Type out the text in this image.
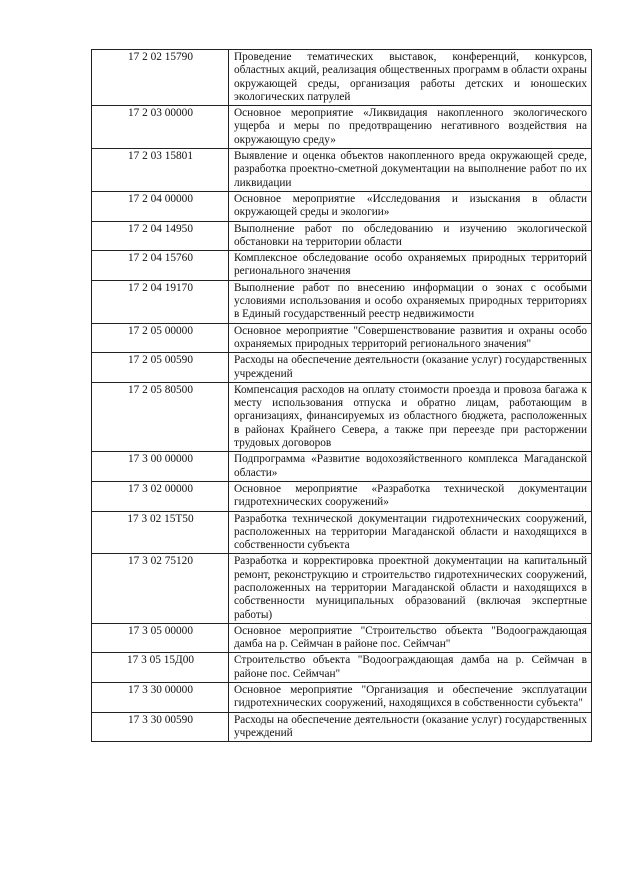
17 2 02 15790	Проведение тематических выставок, конференций, конкурсов, областных акций, реализация общественных программ в области охраны окружающей среды, организация работы детских и юношеских экологических патрулей
17 2 03 00000	Основное мероприятие «Ликвидация накопленного экологического ущерба и меры по предотвращению негативного воздействия на окружающую среду»
17 2 03 15801	Выявление и оценка объектов накопленного вреда окружающей среде, разработка проектно-сметной документации на выполнение работ по их ликвидации
17 2 04 00000	Основное мероприятие «Исследования и изыскания в области окружающей среды и экологии»
17 2 04 14950	Выполнение работ по обследованию и изучению экологической обстановки на территории области
17 2 04 15760	Комплексное обследование особо охраняемых природных территорий регионального значения
17 2 04 19170	Выполнение работ по внесению информации о зонах с особыми условиями использования и особо охраняемых природных территориях в Единый государственный реестр недвижимости
17 2 05 00000	Основное мероприятие "Совершенствование развития и охраны особо охраняемых природных территорий регионального значения"
17 2 05 00590	Расходы на обеспечение деятельности (оказание услуг) государственных учреждений
17 2 05 80500	Компенсация расходов на оплату стоимости проезда и провоза багажа к месту использования отпуска и обратно лицам, работающим в организациях, финансируемых из областного бюджета, расположенных в районах Крайнего Севера, а также при переезде при расторжении трудовых договоров
17 3 00 00000	Подпрограмма «Развитие водохозяйственного комплекса Магаданской области»
17 3 02 00000	Основное мероприятие «Разработка технической документации гидротехнических сооружений»
17 3 02 15Т50	Разработка технической документации гидротехнических сооружений, расположенных на территории Магаданской области и находящихся в собственности субъекта
17 3 02 75120	Разработка и корректировка проектной документации на капитальный ремонт, реконструкцию и строительство гидротехнических сооружений, расположенных на территории Магаданской области и находящихся в собственности муниципальных образований (включая экспертные работы)
17 3 05 00000	Основное мероприятие "Строительство объекта "Водоограждающая дамба на р. Сеймчан в районе пос. Сеймчан"
17 3 05 15Д00	Строительство объекта "Водоограждающая дамба на р. Сеймчан в районе пос. Сеймчан"
17 3 30 00000	Основное мероприятие "Организация и обеспечение эксплуатации гидротехнических сооружений, находящихся в собственности субъекта"
17 3 30 00590	Расходы на обеспечение деятельности (оказание услуг) государственных учреждений
